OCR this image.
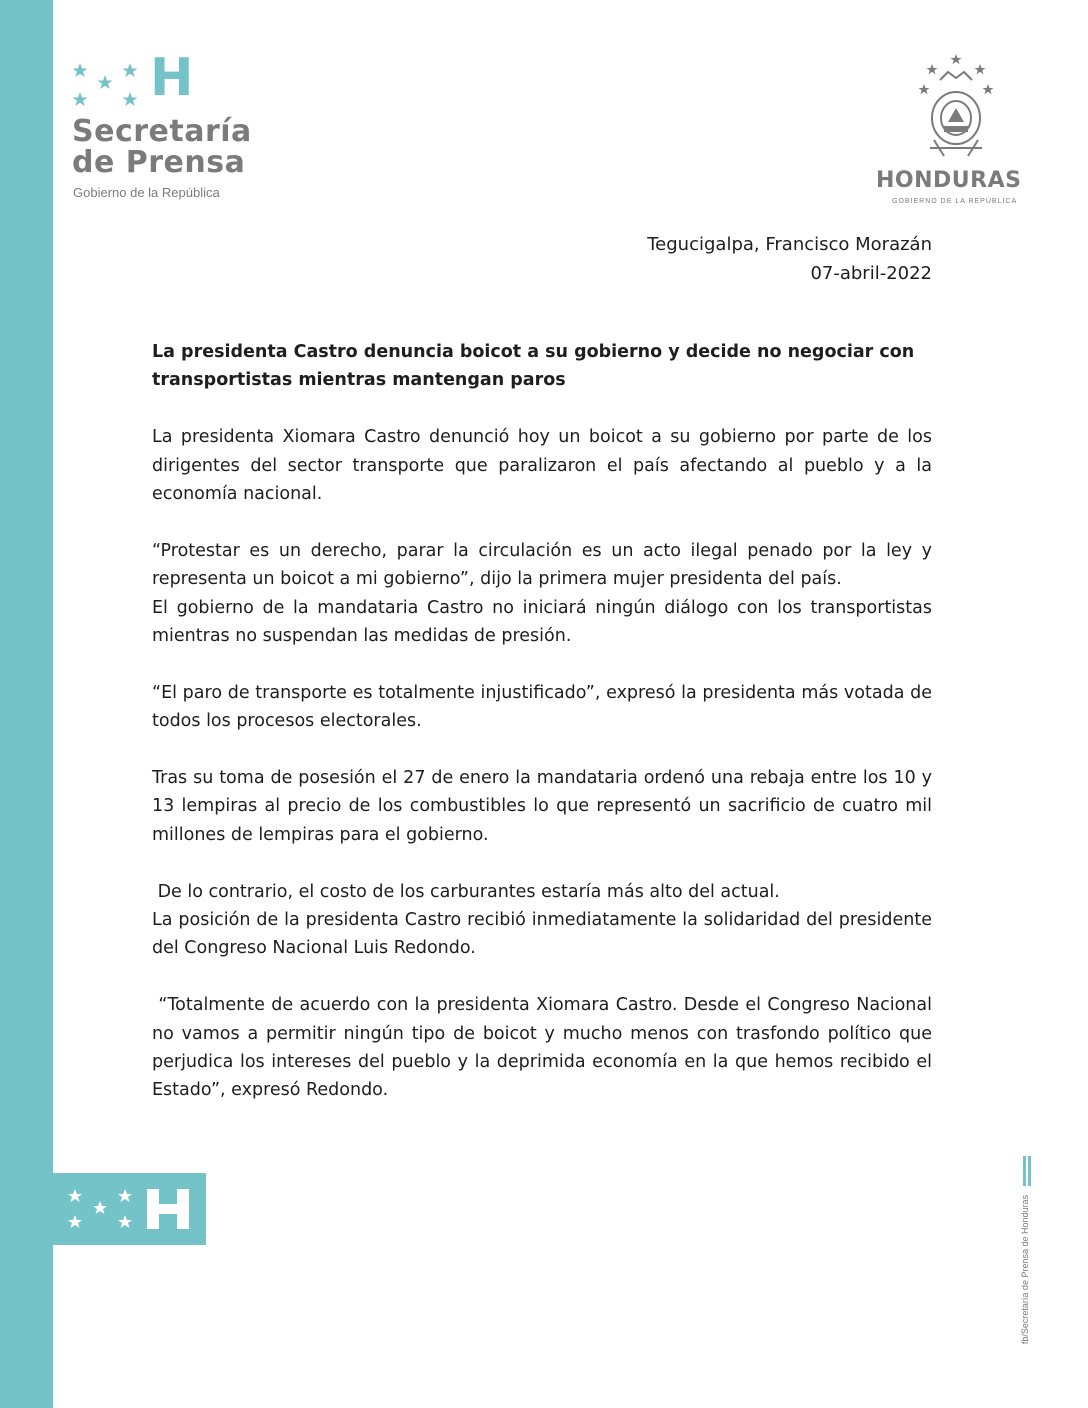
H
Secretaría
de Prensa
Gobierno de la República	HONDURAS
GOBIERNO DE LA REPÚBLICA
Tegucigalpa, Francisco Morazán
07-abril-2022

La presidenta Castro denuncia boicot a su gobierno y decide no negociar con transportistas mientras mantengan paros

La presidenta Xiomara Castro denunció hoy un boicot a su gobierno por parte de los dirigentes del sector transporte que paralizaron el país afectando al pueblo y a la economía nacional.

“Protestar es un derecho, parar la circulación es un acto ilegal penado por la ley y representa un boicot a mi gobierno”, dijo la primera mujer presidenta del país.

El gobierno de la mandataria Castro no iniciará ningún diálogo con los transportistas mientras no suspendan las medidas de presión.

“El paro de transporte es totalmente injustificado”, expresó la presidenta más votada de todos los procesos electorales.

Tras su toma de posesión el 27 de enero la mandataria ordenó una rebaja entre los 10 y 13 lempiras al precio de los combustibles lo que representó un sacrificio de cuatro mil millones de lempiras para el gobierno.

De lo contrario, el costo de los carburantes estaría más alto del actual.

La posición de la presidenta Castro recibió inmediatamente la solidaridad del presidente del Congreso Nacional Luis Redondo.

“Totalmente de acuerdo con la presidenta Xiomara Castro. Desde el Congreso Nacional no vamos a permitir ningún tipo de boicot y mucho menos con trasfondo político que perjudica los intereses del pueblo y la deprimida economía en la que hemos recibido el Estado”, expresó Redondo.

fb/Secretaría de Prensa de Honduras
